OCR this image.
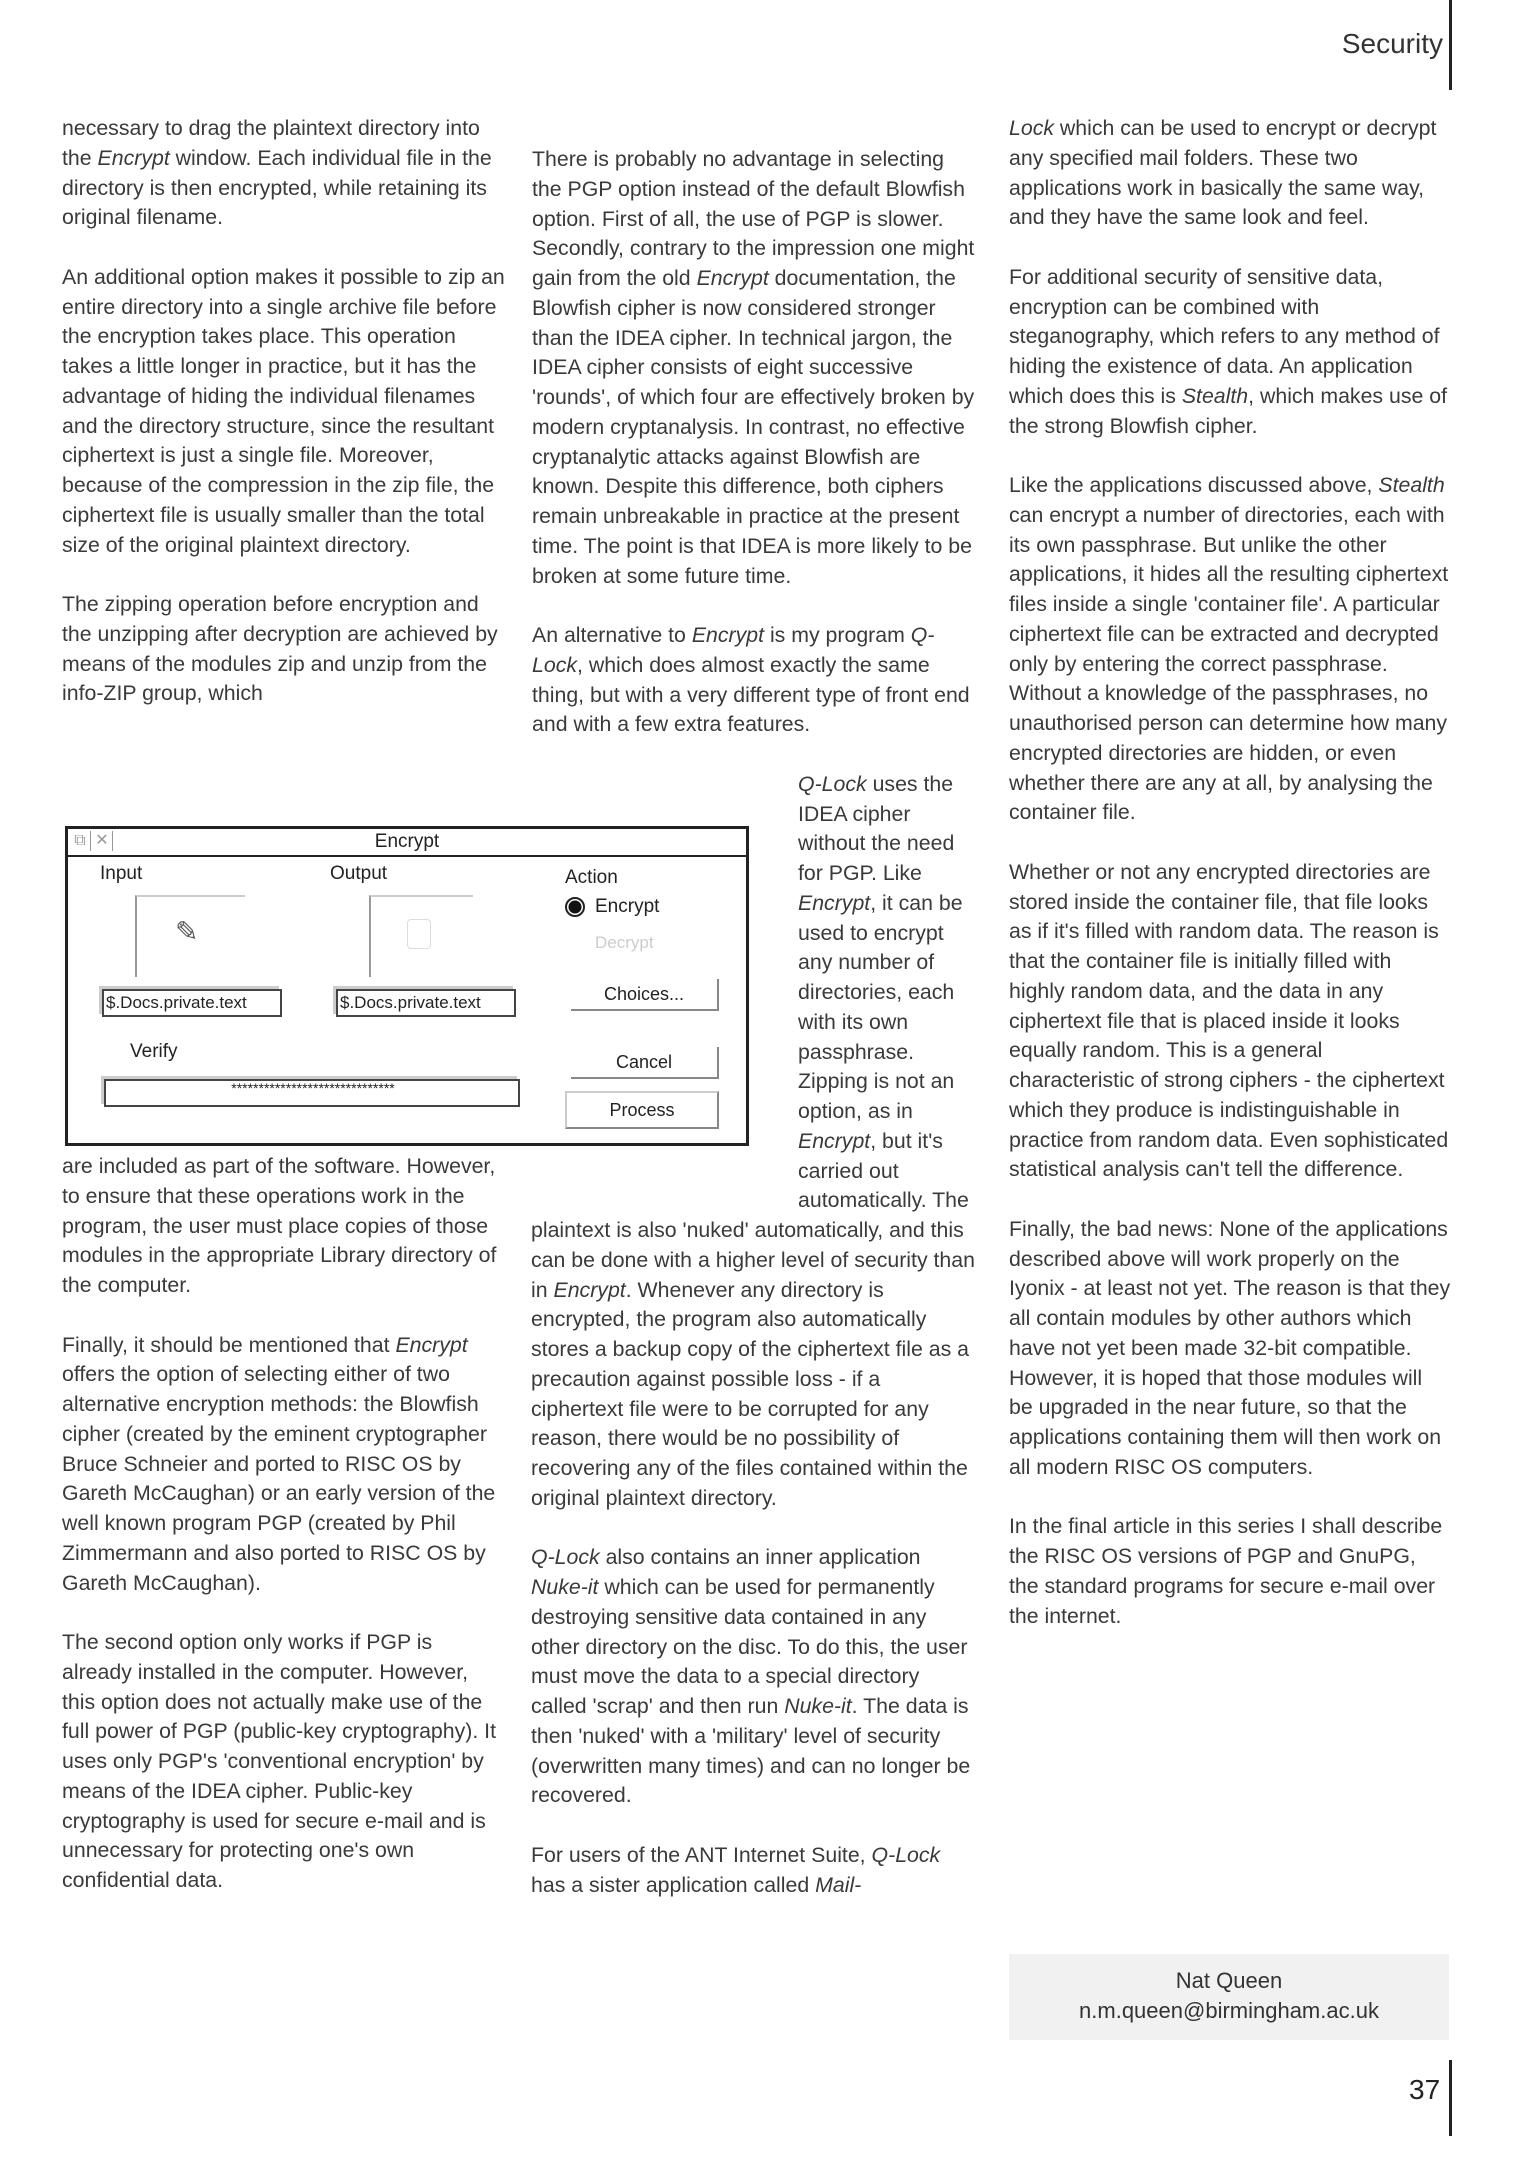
Security

necessary to drag the plaintext directory into the Encrypt window. Each individual file in the directory is then encrypted, while retaining its original filename.

An additional option makes it possible to zip an entire directory into a single archive file before the encryption takes place. This operation takes a little longer in practice, but it has the advantage of hiding the individual filenames and the directory structure, since the resultant ciphertext is just a single file. Moreover, because of the compression in the zip file, the ciphertext file is usually smaller than the total size of the original plaintext directory.

The zipping operation before encryption and the unzipping after decryption are achieved by means of the modules zip and unzip from the info-ZIP group, which

are included as part of the software. However, to ensure that these operations work in the program, the user must place copies of those modules in the appropriate Library directory of the computer.

Finally, it should be mentioned that Encrypt offers the option of selecting either of two alternative encryption methods: the Blowfish cipher (created by the eminent cryptographer Bruce Schneier and ported to RISC OS by Gareth McCaughan) or an early version of the well known program PGP (created by Phil Zimmermann and also ported to RISC OS by Gareth McCaughan).

The second option only works if PGP is already installed in the computer. However, this option does not actually make use of the full power of PGP (public-key cryptography). It uses only PGP's 'conventional encryption' by means of the IDEA cipher. Public-key cryptography is used for secure e-mail and is unnecessary for protecting one's own confidential data.

There is probably no advantage in selecting the PGP option instead of the default Blowfish option. First of all, the use of PGP is slower. Secondly, contrary to the impression one might gain from the old Encrypt documentation, the Blowfish cipher is now considered stronger than the IDEA cipher. In technical jargon, the IDEA cipher consists of eight successive 'rounds', of which four are effectively broken by modern cryptanalysis. In contrast, no effective cryptanalytic attacks against Blowfish are known. Despite this difference, both ciphers remain unbreakable in practice at the present time. The point is that IDEA is more likely to be broken at some future time.

An alternative to Encrypt is my program Q-Lock, which does almost exactly the same thing, but with a very different type of front end and with a few extra features.

Q-Lock uses the IDEA cipher without the need for PGP. Like Encrypt, it can be used to encrypt any number of directories, each with its own passphrase. Zipping is not an option, as in Encrypt, but it's carried out automatically. The plaintext is also 'nuked' automatically, and this can be done with a higher level of security than in Encrypt. Whenever any directory is encrypted, the program also automatically stores a backup copy of the ciphertext file as a precaution against possible loss - if a ciphertext file were to be corrupted for any reason, there would be no possibility of recovering any of the files contained within the original plaintext directory.

Q-Lock also contains an inner application Nuke-it which can be used for permanently destroying sensitive data contained in any other directory on the disc. To do this, the user must move the data to a special directory called 'scrap' and then run Nuke-it. The data is then 'nuked' with a 'military' level of security (overwritten many times) and can no longer be recovered.

For users of the ANT Internet Suite, Q-Lock has a sister application called Mail-

Lock which can be used to encrypt or decrypt any specified mail folders. These two applications work in basically the same way, and they have the same look and feel.

For additional security of sensitive data, encryption can be combined with steganography, which refers to any method of hiding the existence of data. An application which does this is Stealth, which makes use of the strong Blowfish cipher.

Like the applications discussed above, Stealth can encrypt a number of directories, each with its own passphrase. But unlike the other applications, it hides all the resulting ciphertext files inside a single 'container file'. A particular ciphertext file can be extracted and decrypted only by entering the correct passphrase. Without a knowledge of the passphrases, no unauthorised person can determine how many encrypted directories are hidden, or even whether there are any at all, by analysing the container file.

Whether or not any encrypted directories are stored inside the container file, that file looks as if it's filled with random data. The reason is that the container file is initially filled with highly random data, and the data in any ciphertext file that is placed inside it looks equally random. This is a general characteristic of strong ciphers - the ciphertext which they produce is indistinguishable in practice from random data. Even sophisticated statistical analysis can't tell the difference.

Finally, the bad news: None of the applications described above will work properly on the Iyonix - at least not yet. The reason is that they all contain modules by other authors which have not yet been made 32-bit compatible. However, it is hoped that those modules will be upgraded in the near future, so that the applications containing them will then work on all modern RISC OS computers.

In the final article in this series I shall describe the RISC OS versions of PGP and GnuPG, the standard programs for secure e-mail over the internet.

⧉ ✕	Encrypt
Input	Output	Action
✎
Encrypt
Decrypt
$.Docs.private.text	$.Docs.private.text	Choices...
Verify
******************************
Cancel
Process
Nat Queen
n.m.queen@birmingham.ac.uk
37
